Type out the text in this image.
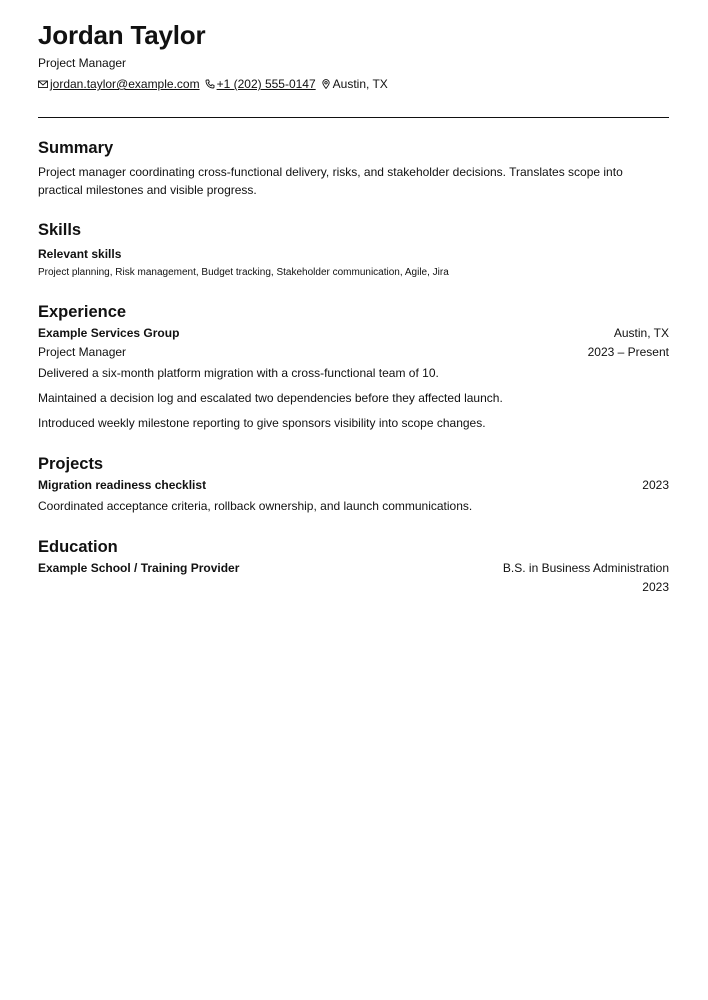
Jordan Taylor
Project Manager
jordan.taylor@example.com +1 (202) 555-0147 Austin, TX
Summary
Project manager coordinating cross-functional delivery, risks, and stakeholder decisions. Translates scope into practical milestones and visible progress.
Skills
Relevant skills
Project planning, Risk management, Budget tracking, Stakeholder communication, Agile, Jira
Experience
Example Services Group	Austin, TX
Project Manager	2023 – Present
Delivered a six-month platform migration with a cross-functional team of 10.
Maintained a decision log and escalated two dependencies before they affected launch.
Introduced weekly milestone reporting to give sponsors visibility into scope changes.
Projects
Migration readiness checklist	2023
Coordinated acceptance criteria, rollback ownership, and launch communications.
Education
Example School / Training Provider	B.S. in Business Administration
2023
